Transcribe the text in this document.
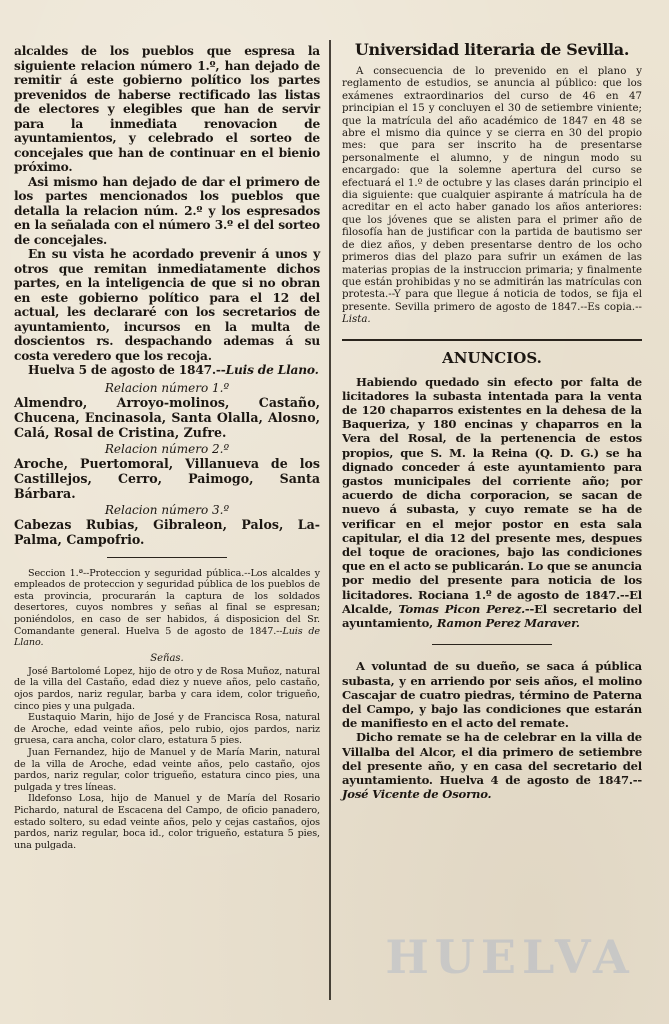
alcaldes de los pueblos que espresa la siguiente relacion número 1.º, han dejado de remitir á este gobierno político los partes prevenidos de haberse rectificado las listas de electores y elegibles que han de servir para la inmediata renovacion de ayuntamientos, y celebrado el sorteo de concejales que han de continuar en el bienio próximo.

Asi mismo han dejado de dar el primero de los partes mencionados los pueblos que detalla la relacion núm. 2.º y los espresados en la señalada con el número 3.º el del sorteo de concejales.

En su vista he acordado prevenir á unos y otros que remitan inmediatamente dichos partes, en la inteligencia de que si no obran en este gobierno político para el 12 del actual, les declararé con los secretarios de ayuntamiento, incursos en la multa de doscientos rs. despachando ademas á su costa veredero que los recoja.

Huelva 5 de agosto de 1847.--Luis de Llano.

Relacion número 1.º

Almendro, Arroyo-molinos, Castaño, Chucena, Encinasola, Santa Olalla, Alosno, Calá, Rosal de Cristina, Zufre.

Relacion número 2.º

Aroche, Puertomoral, Villanueva de los Castillejos, Cerro, Paimogo, Santa Bárbara.

Relacion número 3.º

Cabezas Rubias, Gibraleon, Palos, La-Palma, Campofrio.

Seccion 1.ª--Proteccion y seguridad pública.--Los alcaldes y empleados de proteccion y seguridad pública de los pueblos de esta provincia, procurarán la captura de los soldados desertores, cuyos nombres y señas al final se espresan; poniéndolos, en caso de ser habidos, á disposicion del Sr. Comandante general. Huelva 5 de agosto de 1847.--Luis de Llano.

Señas.

José Bartolomé Lopez, hijo de otro y de Rosa Muñoz, natural de la villa del Castaño, edad diez y nueve años, pelo castaño, ojos pardos, nariz regular, barba y cara idem, color trigueño, cinco pies y una pulgada.

Eustaquio Marin, hijo de José y de Francisca Rosa, natural de Aroche, edad veinte años, pelo rubio, ojos pardos, nariz gruesa, cara ancha, color claro, estatura 5 pies.

Juan Fernandez, hijo de Manuel y de María Marin, natural de la villa de Aroche, edad veinte años, pelo castaño, ojos pardos, nariz regular, color trigueño, estatura cinco pies, una pulgada y tres líneas.

Ildefonso Losa, hijo de Manuel y de María del Rosario Pichardo, natural de Escacena del Campo, de oficio panadero, estado soltero, su edad veinte años, pelo y cejas castaños, ojos pardos, nariz regular, boca id., color trigueño, estatura 5 pies, una pulgada.

Universidad literaria de Sevilla.

A consecuencia de lo prevenido en el plano y reglamento de estudios, se anuncia al público: que los exámenes extraordinarios del curso de 46 en 47 principian el 15 y concluyen el 30 de setiembre viniente; que la matrícula del año académico de 1847 en 48 se abre el mismo dia quince y se cierra en 30 del propio mes: que para ser inscrito ha de presentarse personalmente el alumno, y de ningun modo su encargado: que la solemne apertura del curso se efectuará el 1.º de octubre y las clases darán principio el dia siguiente: que cualquier aspirante á matrícula ha de acreditar en el acto haber ganado los años anteriores: que los jóvenes que se alisten para el primer año de filosofía han de justificar con la partida de bautismo ser de diez años, y deben presentarse dentro de los ocho primeros dias del plazo para sufrir un exámen de las materias propias de la instruccion primaria; y finalmente que están prohibidas y no se admitirán las matrículas con protesta.--Y para que llegue á noticia de todos, se fija el presente. Sevilla primero de agosto de 1847.--Es copia.--Lista.

ANUNCIOS.

Habiendo quedado sin efecto por falta de licitadores la subasta intentada para la venta de 120 chaparros existentes en la dehesa de la Baqueriza, y 180 encinas y chaparros en la Vera del Rosal, de la pertenencia de estos propios, que S. M. la Reina (Q. D. G.) se ha dignado conceder á este ayuntamiento para gastos municipales del corriente año; por acuerdo de dicha corporacion, se sacan de nuevo á subasta, y cuyo remate se ha de verificar en el mejor postor en esta sala capitular, el dia 12 del presente mes, despues del toque de oraciones, bajo las condiciones que en el acto se publicarán. Lo que se anuncia por medio del presente para noticia de los licitadores. Rociana 1.º de agosto de 1847.--El Alcalde, Tomas Picon Perez.--El secretario del ayuntamiento, Ramon Perez Maraver.

A voluntad de su dueño, se saca á pública subasta, y en arriendo por seis años, el molino Cascajar de cuatro piedras, término de Paterna del Campo, y bajo las condiciones que estarán de manifiesto en el acto del remate.

Dicho remate se ha de celebrar en la villa de Villalba del Alcor, el dia primero de setiembre del presente año, y en casa del secretario del ayuntamiento. Huelva 4 de agosto de 1847.--José Vicente de Osorno.

HUELVA
